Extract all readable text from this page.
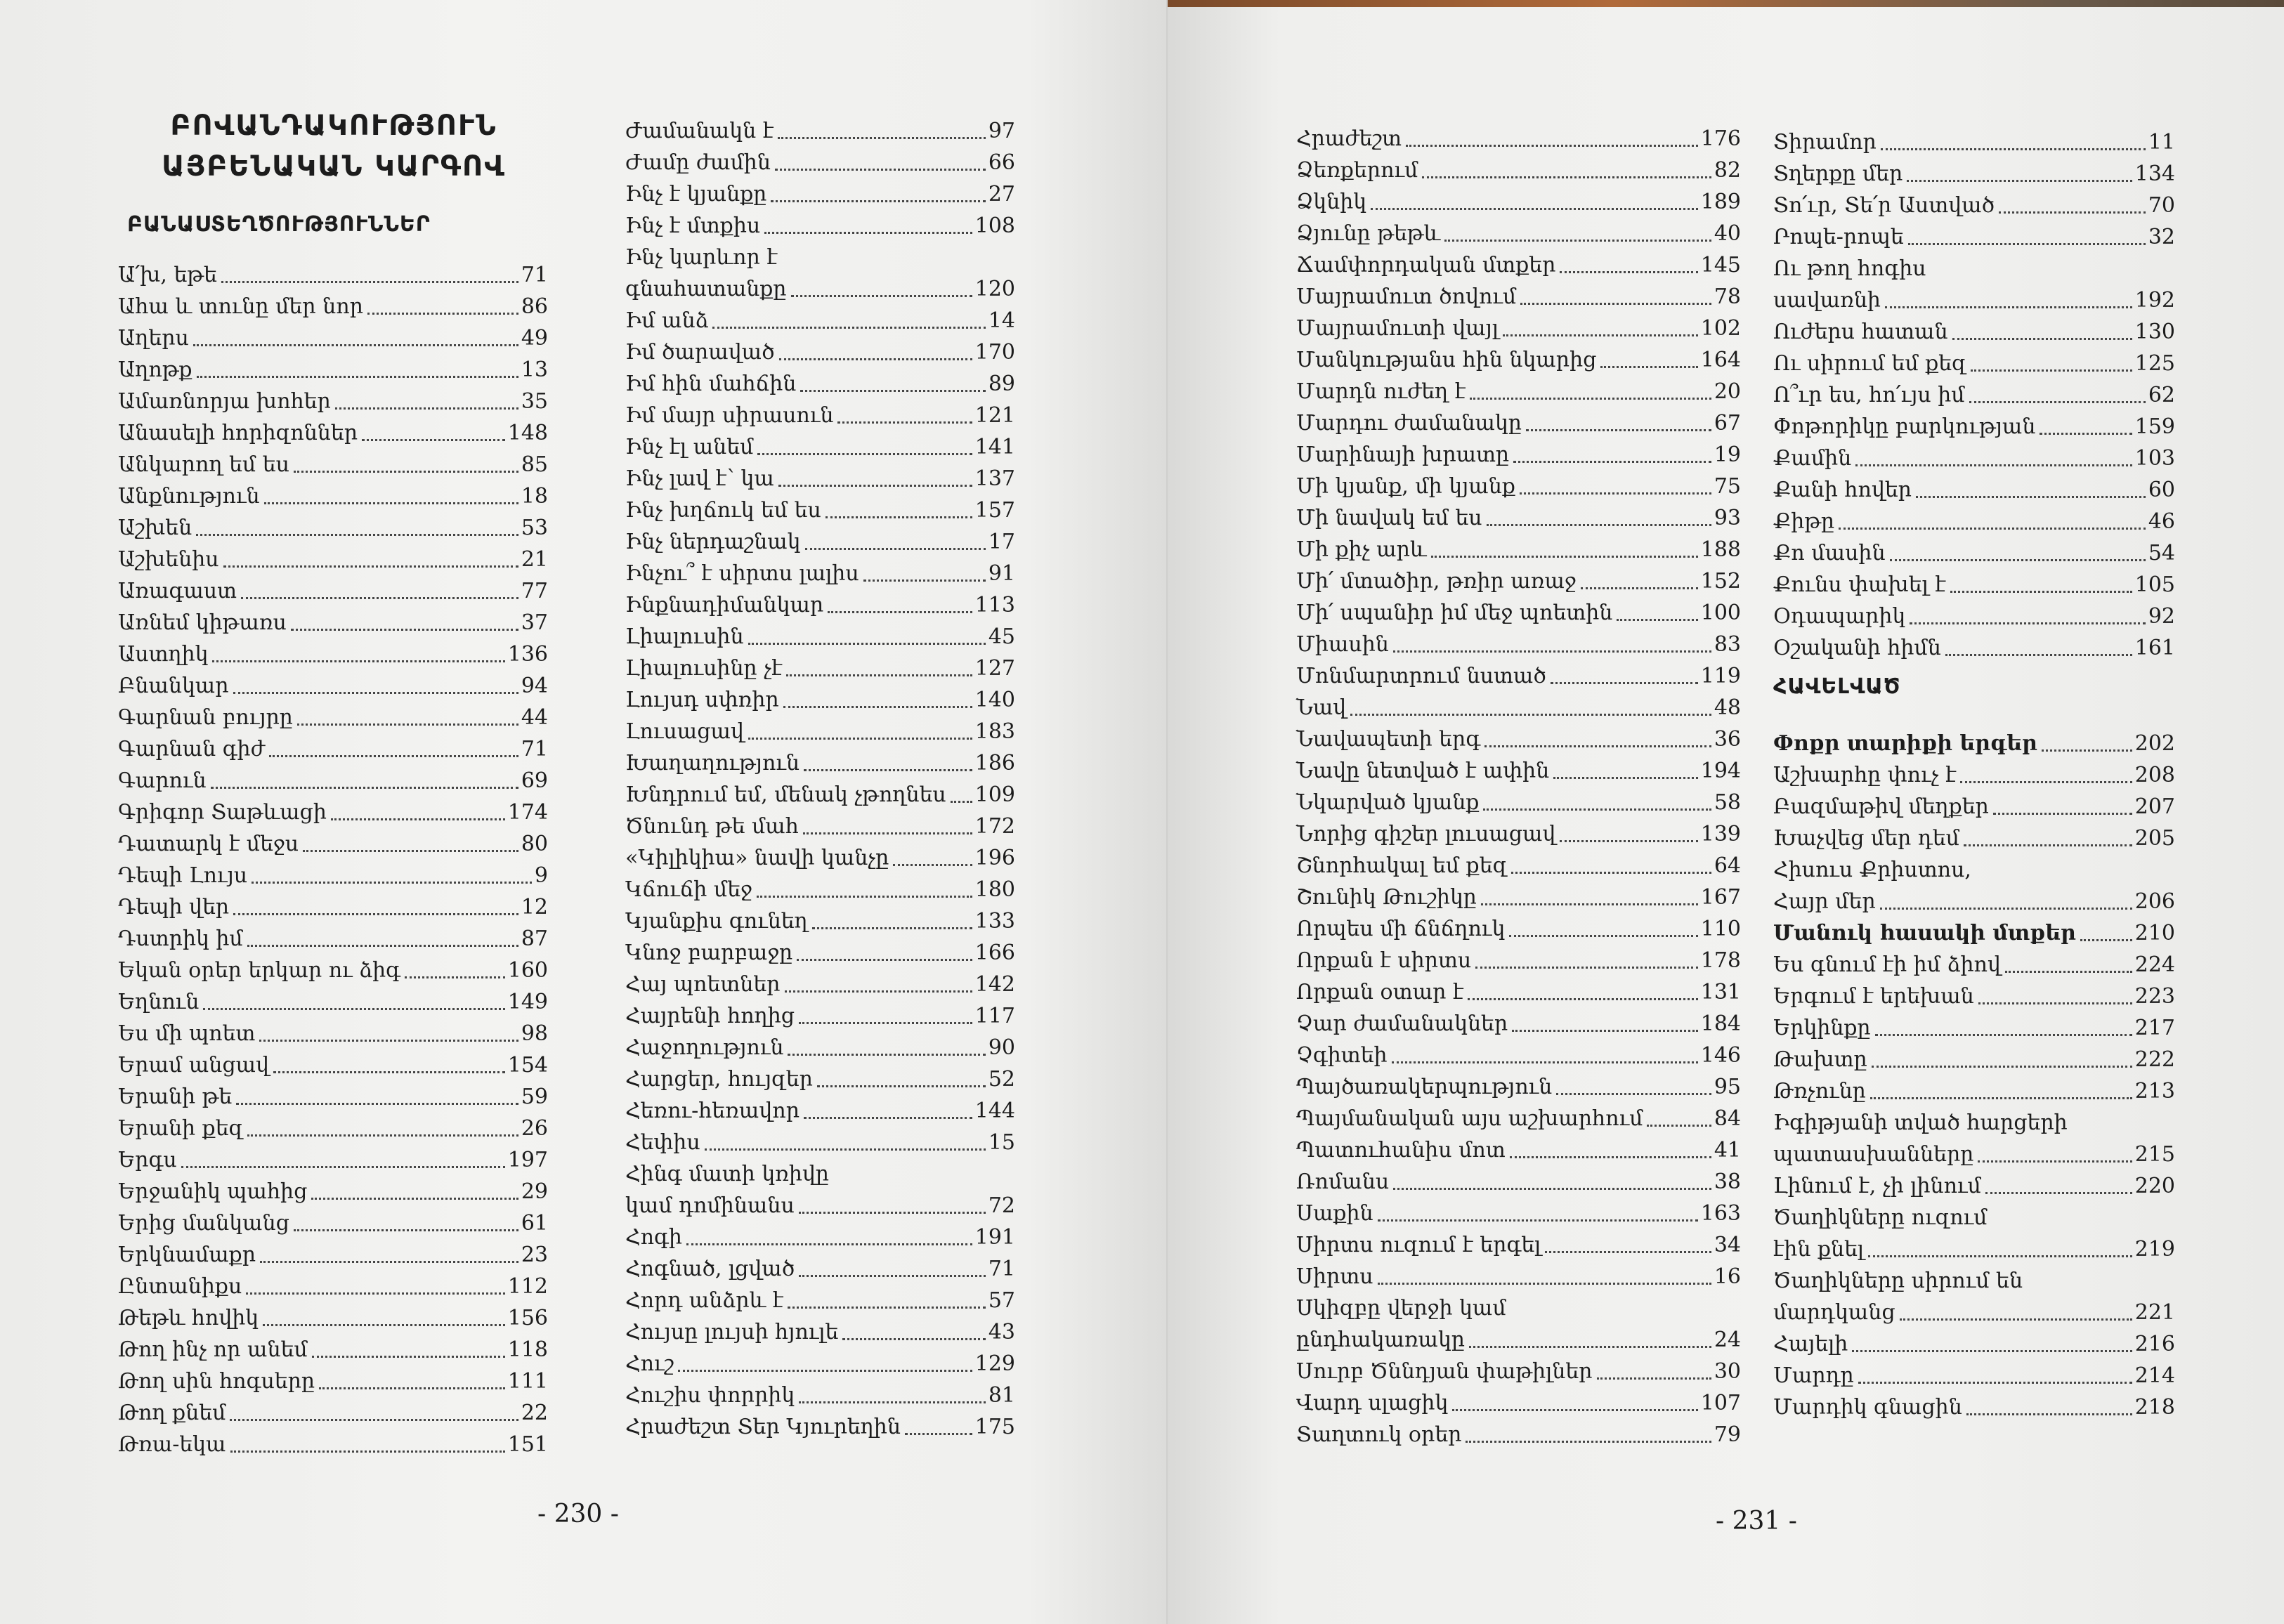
ԲՈՎԱՆԴԱԿՈՒԹՅՈՒՆ
ԱՅԲԵՆԱԿԱՆ ԿԱՐԳՈՎ
ԲԱՆԱՍՏԵՂԾՈՒԹՅՈՒՆՆԵՐ
Ա՛խ, եթե	71
Ահա և տունը մեր նոր	86
Աղերս	49
Աղոթք	13
Ամառնորյա խոհեր	35
Անասելի հորիզոններ	148
Անկարող եմ ես	85
Անքնություն	18
Աշխեն	53
Աշխենիս	21
Առագաստ	77
Առնեմ կիթառս	37
Աստղիկ	136
Բնանկար	94
Գարնան բույրը	44
Գարնան գիժ	71
Գարուն	69
Գրիգոր Տաթևացի	174
Դատարկ է մեջս	80
Դեպի Լույս	9
Դեպի վեր	12
Դստրիկ իմ	87
Եկան օրեր երկար ու ձիգ	160
Եղնուն	149
Ես մի պոետ	98
Երամ անցավ	154
Երանի թե	59
Երանի քեզ	26
Երգս	197
Երջանիկ պահից	29
Երից մանկանց	61
Երկնամաքր	23
Ընտանիքս	112
Թեթև հովիկ	156
Թող ինչ որ անեմ	118
Թող սին հոգսերը	111
Թող քնեմ	22
Թռա-եկա	151
Ժամանակն է	97
Ժամը ժամին	66
Ինչ է կյանքը	27
Ինչ է մտքիս	108
Ինչ կարևոր է
գնահատանքը	120
Իմ անձ	14
Իմ ծարաված	170
Իմ հին մահճին	89
Իմ մայր սիրասուն	121
Ինչ էլ անեմ	141
Ինչ լավ է՝ կա	137
Ինչ խղճուկ եմ ես	157
Ինչ ներդաշնակ	17
Ինչու՞ է սիրտս լալիս	91
Ինքնադիմանկար	113
Լիալուսին	45
Լիալուսինը չէ	127
Լույսդ սփռիր	140
Լուսացավ	183
Խաղաղություն	186
Խնդրում եմ, մենակ չթողնես 109
Ծնունդ թե մահ	172
«Կիլիկիա» նավի կանչը	196
Կճուճի մեջ	180
Կյանքիս գունեղ	133
Կնոջ բարբաջը	166
Հայ պոետներ	142
Հայրենի հողից	117
Հաջողություն	90
Հարցեր, հույզեր	52
Հեռու-հեռավոր	144
Հեփիս	15
Հինգ մատի կռիվը
կամ դոմինանս	72
Հոգի	191
Հոգնած, լցված	71
Հորդ անձրև է	57
Հույսը լույսի հյուլե	43
Հուշ	129
Հուշիս փորրիկ	81
Հրաժեշտ Տեր Կյուրեղին	175
- 230 -
Հրաժեշտ	176
Ձեռքերում	82
Ձկնիկ	189
Ձյունը թեթև	40
Ճամփորդական մտքեր	145
Մայրամուտ ծովում	78
Մայրամուտի վայլ	102
Մանկությանս հին նկարից	164
Մարդն ուժեղ է	20
Մարդու ժամանակը	67
Մարինայի խրատը	19
Մի կյանք, մի կյանք	75
Մի նավակ եմ ես	93
Մի քիչ արև	188
Մի՛ մտածիր, թռիր առաջ	152
Մի՛ սպանիր իմ մեջ պոետին	100
Միասին	83
Մոնմարտրում նստած	119
Նավ	48
Նավապետի երգ	36
Նավը նետված է ափին	194
Նկարված կյանք	58
Նորից գիշեր լուսացավ	139
Շնորհակալ եմ քեզ	64
Շունիկ Թուշիկը	167
Որպես մի ճնճղուկ	110
Որքան է սիրտս	178
Որքան օտար է	131
Չար ժամանակներ	184
Չգիտեի	146
Պայծառակերպություն	95
Պայմանական այս աշխարհում	84
Պատուհանիս մոտ	41
Ռոմանս	38
Սաքին	163
Սիրտս ուզում է երգել	34
Սիրտս	16
Սկիզբը վերջի կամ
ընդհակառակը	24
Սուրբ Ծննդյան փաթիլներ	30
Վարդ սլացիկ	107
Տաղտուկ օրեր	79
Տիրամոր	11
Տղերքը մեր	134
Տո՛ւր, Տե՛ր Աստված	70
Րոպե-րոպե	32
Ու թող հոգիս
սավառնի	192
Ուժերս հատան	130
Ու սիրում եմ քեզ	125
Ո՞ւր ես, հո՛ւյս իմ	62
Փոթորիկը բարկության	159
Քամին	103
Քանի հովեր	60
Քիթը	46
Քո մասին	54
Քունս փախել է	105
Օդապարիկ	92
Օշականի հիմն	161
ՀԱՎԵԼՎԱԾ
Փոքր տարիքի երգեր	202
Աշխարհը փուչ է	208
Բազմաթիվ մեղքեր	207
Խաչվեց մեր դեմ	205
Հիսուս Քրիստոս,
Հայր մեր	206
Մանուկ հասակի մտքեր	210
Ես գնում էի իմ ձիով	224
Երգում է երեխան	223
Երկինքը	217
Թախտը	222
Թռչունը	213
Իգիթյանի տված հարցերի
պատասխանները	215
Լինում է, չի լինում	220
Ծաղիկները ուզում
էին քնել	219
Ծաղիկները սիրում են
մարդկանց	221
Հայելի	216
Մարդը	214
Մարդիկ գնացին	218
- 231 -
